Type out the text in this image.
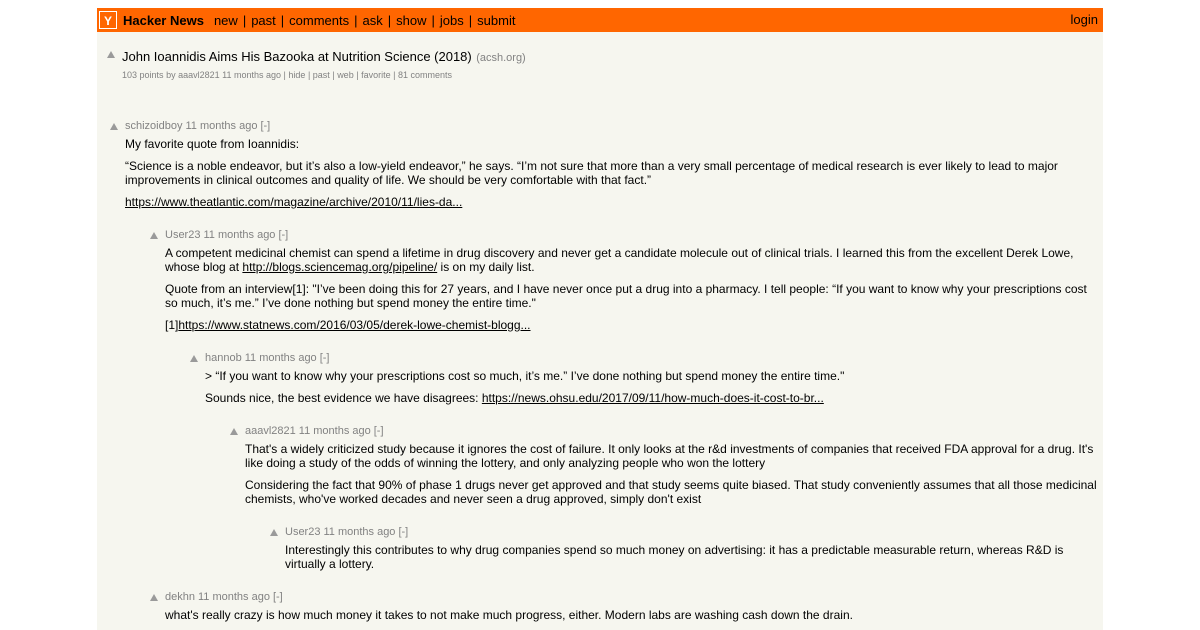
Y Hacker News new | past | comments | ask | show | jobs | submit	login
John Ioannidis Aims His Bazooka at Nutrition Science (2018) (acsh.org)
103 points by aaavl2821 11 months ago | hide | past | web | favorite | 81 comments
schizoidboy 11 months ago [-]

My favorite quote from Ioannidis:

“Science is a noble endeavor, but it’s also a low-yield endeavor,” he says. “I’m not sure that more than a very small percentage of medical research is ever likely to lead to major improvements in clinical outcomes and quality of life. We should be very comfortable with that fact.”

https://www.theatlantic.com/magazine/archive/2010/11/lies-da...

User23 11 months ago [-]

A competent medicinal chemist can spend a lifetime in drug discovery and never get a candidate molecule out of clinical trials. I learned this from the excellent Derek Lowe, whose blog at http://blogs.sciencemag.org/pipeline/ is on my daily list.

Quote from an interview[1]: "I’ve been doing this for 27 years, and I have never once put a drug into a pharmacy. I tell people: “If you want to know why your prescriptions cost so much, it’s me.” I’ve done nothing but spend money the entire time."

[1]https://www.statnews.com/2016/03/05/derek-lowe-chemist-blogg...

hannob 11 months ago [-]

> “If you want to know why your prescriptions cost so much, it’s me.” I’ve done nothing but spend money the entire time."

Sounds nice, the best evidence we have disagrees: https://news.ohsu.edu/2017/09/11/how-much-does-it-cost-to-br...

aaavl2821 11 months ago [-]

That's a widely criticized study because it ignores the cost of failure. It only looks at the r&d investments of companies that received FDA approval for a drug. It's like doing a study of the odds of winning the lottery, and only analyzing people who won the lottery

Considering the fact that 90% of phase 1 drugs never get approved and that study seems quite biased. That study conveniently assumes that all those medicinal chemists, who've worked decades and never seen a drug approved, simply don't exist

User23 11 months ago [-]

Interestingly this contributes to why drug companies spend so much money on advertising: it has a predictable measurable return, whereas R&D is virtually a lottery.

dekhn 11 months ago [-]

what's really crazy is how much money it takes to not make much progress, either. Modern labs are washing cash down the drain.
